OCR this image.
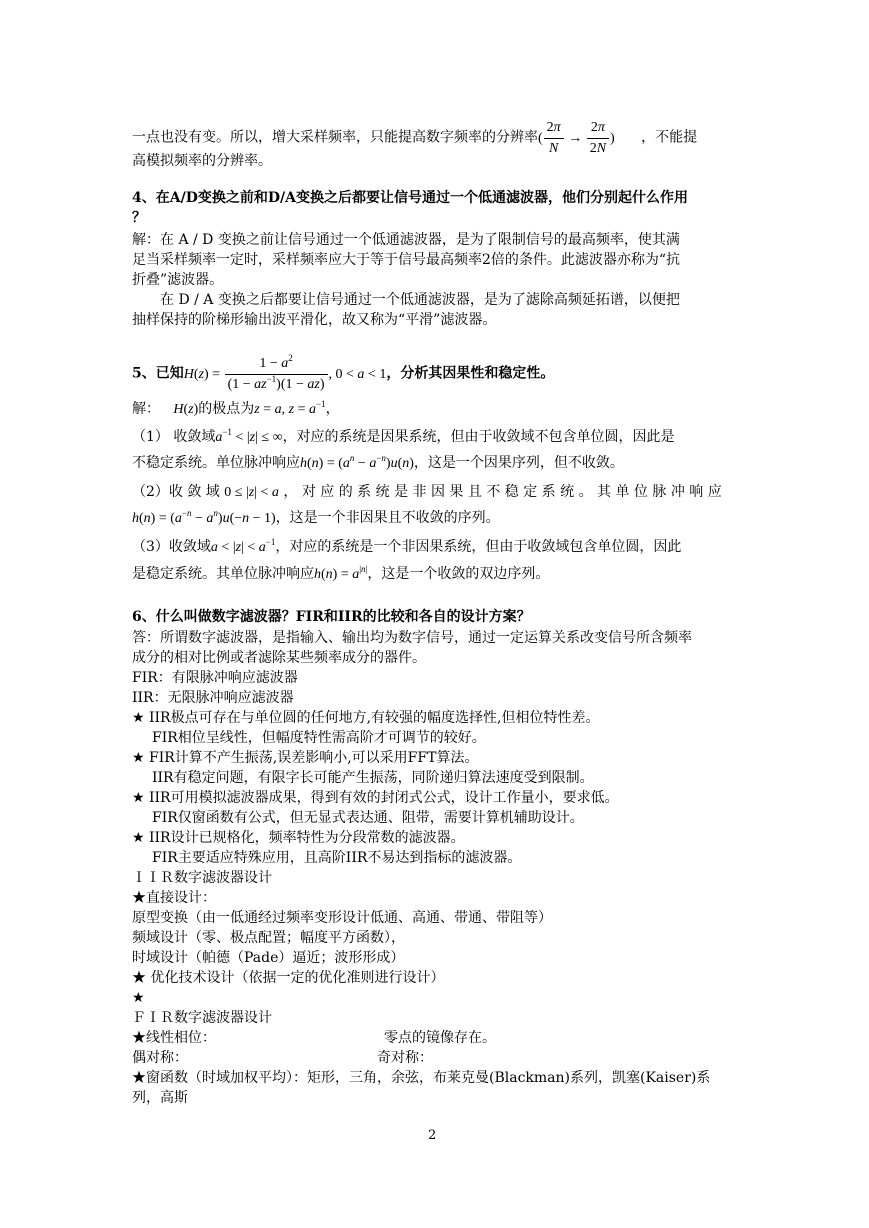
一点也没有变。所以，增大采样频率，只能提高数字频率的分辨率( $\frac{2\pi}{N} \to \frac{2\pi}{2N}$ ) ，不能提
高模拟频率的分辨率。
4、在A/D变换之前和D/A变换之后都要让信号通过一个低通滤波器，他们分别起什么作用
？
解：在 A / D 变换之前让信号通过一个低通滤波器，是为了限制信号的最高频率，使其满
足当采样频率一定时，采样频率应大于等于信号最高频率2倍的条件。此滤波器亦称为“抗
折叠”滤波器。
在 D / A 变换之后都要让信号通过一个低通滤波器，是为了滤除高频延拓谱，以便把
抽样保持的阶梯形输出波平滑化，故又称为“平滑”滤波器。
5、已知$H(z) = \frac{1 - a^2}{(1 - az^{-1})(1 - az)}$ , 0 < a < 1，分析其因果性和稳定性。
解： H(z)的极点为z = a, $z = a^{-1}$，
（1） 收敛域$a^{-1} < |z|$ ≤ ∞，对应的系统是因果系统，但由于收敛域不包含单位圆，因此是
不稳定系统。单位脉冲响应$h(n) = (a^n - a^{-n})u(n)$，这是一个因果序列，但不收敛。
（2）收 敛 域 0 ≤ |z| < a ， 对 应 的 系 统 是 非 因 果 且 不 稳 定 系 统 。 其 单 位 脉 冲 响 应
$h(n) = (a^{-n} - a^n)u(-n - 1)$，这是一个非因果且不收敛的序列。
（3）收敛域$a < |z| < a^{-1}$，对应的系统是一个非因果系统，但由于收敛域包含单位圆，因此
是稳定系统。其单位脉冲响应$h(n) = a^{|n|}$，这是一个收敛的双边序列。
6、什么叫做数字滤波器？FIR和IIR的比较和各自的设计方案？
答：所谓数字滤波器，是指输入、输出均为数字信号，通过一定运算关系改变信号所含频率
成分的相对比例或者滤除某些频率成分的器件。
FIR：有限脉冲响应滤波器
IIR：无限脉冲响应滤波器
★ IIR极点可存在与单位圆的任何地方,有较强的幅度选择性,但相位特性差。
FIR相位呈线性，但幅度特性需高阶才可调节的较好。
★ FIR计算不产生振荡,误差影响小,可以采用FFT算法。
IIR有稳定问题，有限字长可能产生振荡，同阶递归算法速度受到限制。
★ IIR可用模拟滤波器成果，得到有效的封闭式公式，设计工作量小，要求低。
FIR仅窗函数有公式，但无显式表达通、阻带，需要计算机辅助设计。
★ IIR设计已规格化，频率特性为分段常数的滤波器。
FIR主要适应特殊应用，且高阶IIR不易达到指标的滤波器。
ＩＩＲ数字滤波器设计
★直接设计：
原型变换（由一低通经过频率变形设计低通、高通、带通、带阻等）
频域设计（零、极点配置；幅度平方函数），
时域设计（帕德（Pade）逼近；波形形成）
★ 优化技术设计（依据一定的优化准则进行设计）
★
ＦＩＲ数字滤波器设计
★线性相位：	零点的镜像存在。
偶对称：	奇对称：
★窗函数（时域加权平均）：矩形，三角，余弦，布莱克曼(Blackman)系列，凯塞(Kaiser)系
列，高斯
2
